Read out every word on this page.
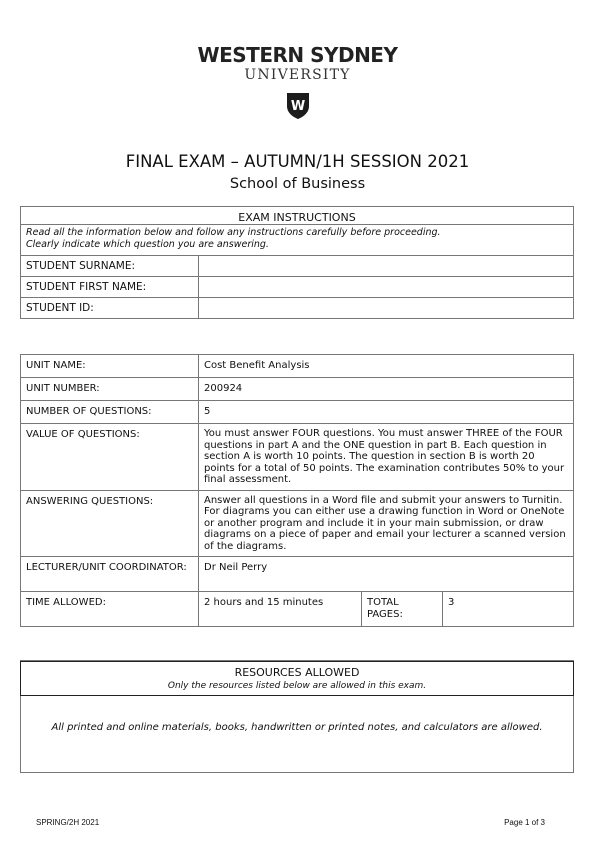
WESTERN SYDNEY
UNIVERSITY
W
FINAL EXAM – AUTUMN/1H SESSION 2021
School of Business
EXAM INSTRUCTIONS	

Read all the information below and follow any instructions carefully before proceeding.
Clearly indicate which question you are answering.	

STUDENT SURNAME:	
STUDENT FIRST NAME:	
STUDENT ID:	
UNIT NAME:	Cost Benefit Analysis		
UNIT NUMBER:	200924		
NUMBER OF QUESTIONS:	5		
VALUE OF QUESTIONS:	You must answer FOUR questions. You must answer THREE of the FOUR questions in part A and the ONE question in part B. Each question in section A is worth 10 points. The question in section B is worth 20 points for a total of 50 points. The examination contributes 50% to your final assessment.		
ANSWERING QUESTIONS:	Answer all questions in a Word file and submit your answers to Turnitin. For diagrams you can either use a drawing function in Word or OneNote or another program and include it in your main submission, or draw diagrams on a piece of paper and email your lecturer a scanned version of the diagrams.		
LECTURER/UNIT COORDINATOR:	Dr Neil Perry		
TIME ALLOWED:	2 hours and 15 minutes	TOTAL PAGES:	3
RESOURCES ALLOWED
Only the resources listed below are allowed in this exam.
All printed and online materials, books, handwritten or printed notes, and calculators are allowed.
SPRING/2H 2021	Page 1 of 3
